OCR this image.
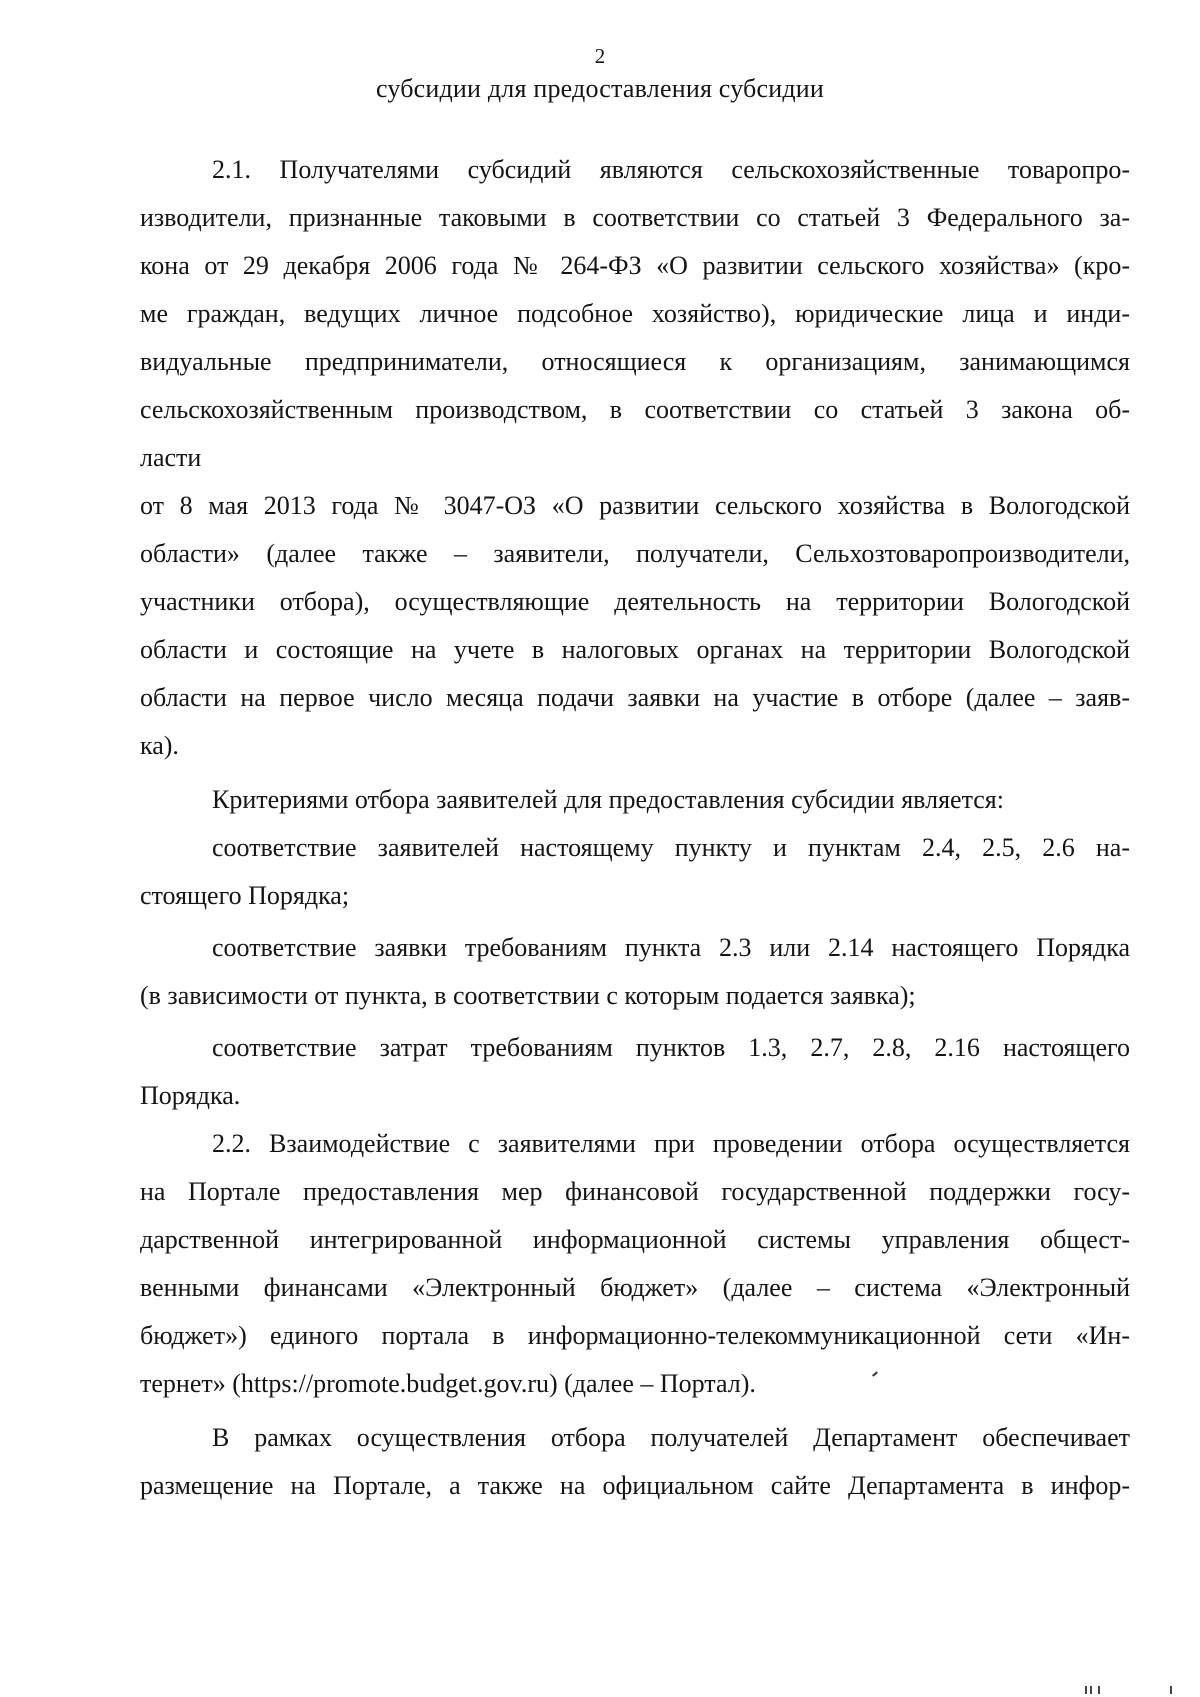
2
субсидии для предоставления субсидии
2.1. Получателями субсидий являются сельскохозяйственные товаропро-
изводители, признанные таковыми в соответствии со статьей 3 Федерального за-
кона от 29 декабря 2006 года № 264-ФЗ «О развитии сельского хозяйства» (кро-
ме граждан, ведущих личное подсобное хозяйство), юридические лица и инди-
видуальные предприниматели, относящиеся к организациям, занимающимся
сельскохозяйственным производством, в соответствии со статьей 3 закона об-
ласти
от 8 мая 2013 года № 3047-ОЗ «О развитии сельского хозяйства в Вологодской
области» (далее также – заявители, получатели, Сельхозтоваропроизводители,
участники отбора), осуществляющие деятельность на территории Вологодской
области и состоящие на учете в налоговых органах на территории Вологодской
области на первое число месяца подачи заявки на участие в отборе (далее – заяв-
ка).
Критериями отбора заявителей для предоставления субсидии является:
соответствие заявителей настоящему пункту и пунктам 2.4, 2.5, 2.6 на-
стоящего Порядка;
соответствие заявки требованиям пункта 2.3 или 2.14 настоящего Порядка
(в зависимости от пункта, в соответствии с которым подается заявка);
соответствие затрат требованиям пунктов 1.3, 2.7, 2.8, 2.16 настоящего
Порядка.
2.2. Взаимодействие с заявителями при проведении отбора осуществляется
на Портале предоставления мер финансовой государственной поддержки госу-
дарственной интегрированной информационной системы управления общест-
венными финансами «Электронный бюджет» (далее – система «Электронный
бюджет») единого портала в информационно-телекоммуникационной сети «Ин-
тернет» (https://promote.budget.gov.ru) (далее – Портал).
В рамках осуществления отбора получателей Департамент обеспечивает
размещение на Портале, а также на официальном сайте Департамента в инфор-
